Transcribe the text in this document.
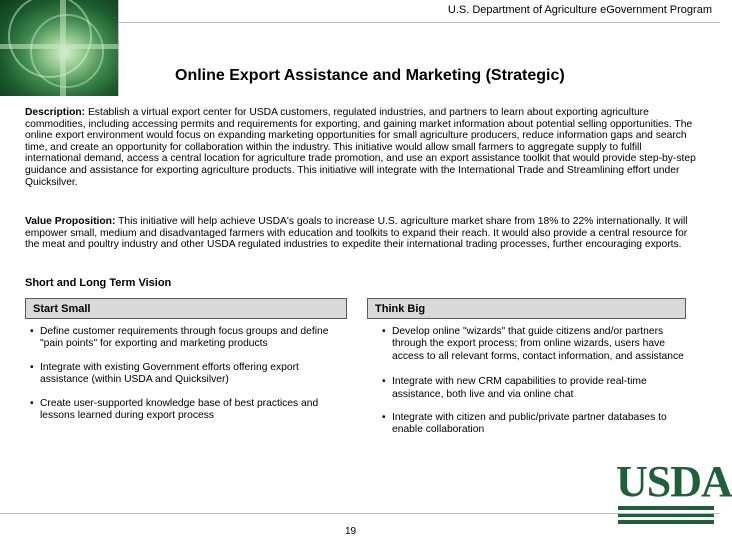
U.S. Department of Agriculture eGovernment Program
Online Export Assistance and Marketing (Strategic)
Description: Establish a virtual export center for USDA customers, regulated industries, and partners to learn about exporting agriculture commodities, including accessing permits and requirements for exporting, and gaining market information about potential selling opportunities. The online export environment would focus on expanding marketing opportunities for small agriculture producers, reduce information gaps and search time, and create an opportunity for collaboration within the industry. This initiative would allow small farmers to aggregate supply to fulfill international demand, access a central location for agriculture trade promotion, and use an export assistance toolkit that would provide step-by-step guidance and assistance for exporting agriculture products. This initiative will integrate with the International Trade and Streamlining effort under Quicksilver.
Value Proposition: This initiative will help achieve USDA's goals to increase U.S. agriculture market share from 18% to 22% internationally. It will empower small, medium and disadvantaged farmers with education and toolkits to expand their reach. It would also provide a central resource for the meat and poultry industry and other USDA regulated industries to expedite their international trading processes, further encouraging exports.
Short and Long Term Vision
Start Small	Think Big
• Define customer requirements through focus groups and define "pain points" for exporting and marketing products
• Integrate with existing Government efforts offering export assistance (within USDA and Quicksilver)
• Create user-supported knowledge base of best practices and lessons learned during export process
• Develop online "wizards" that guide citizens and/or partners through the export process; from online wizards, users have access to all relevant forms, contact information, and assistance
• Integrate with new CRM capabilities to provide real-time assistance, both live and via online chat
• Integrate with citizen and public/private partner databases to enable collaboration
USDA
19
